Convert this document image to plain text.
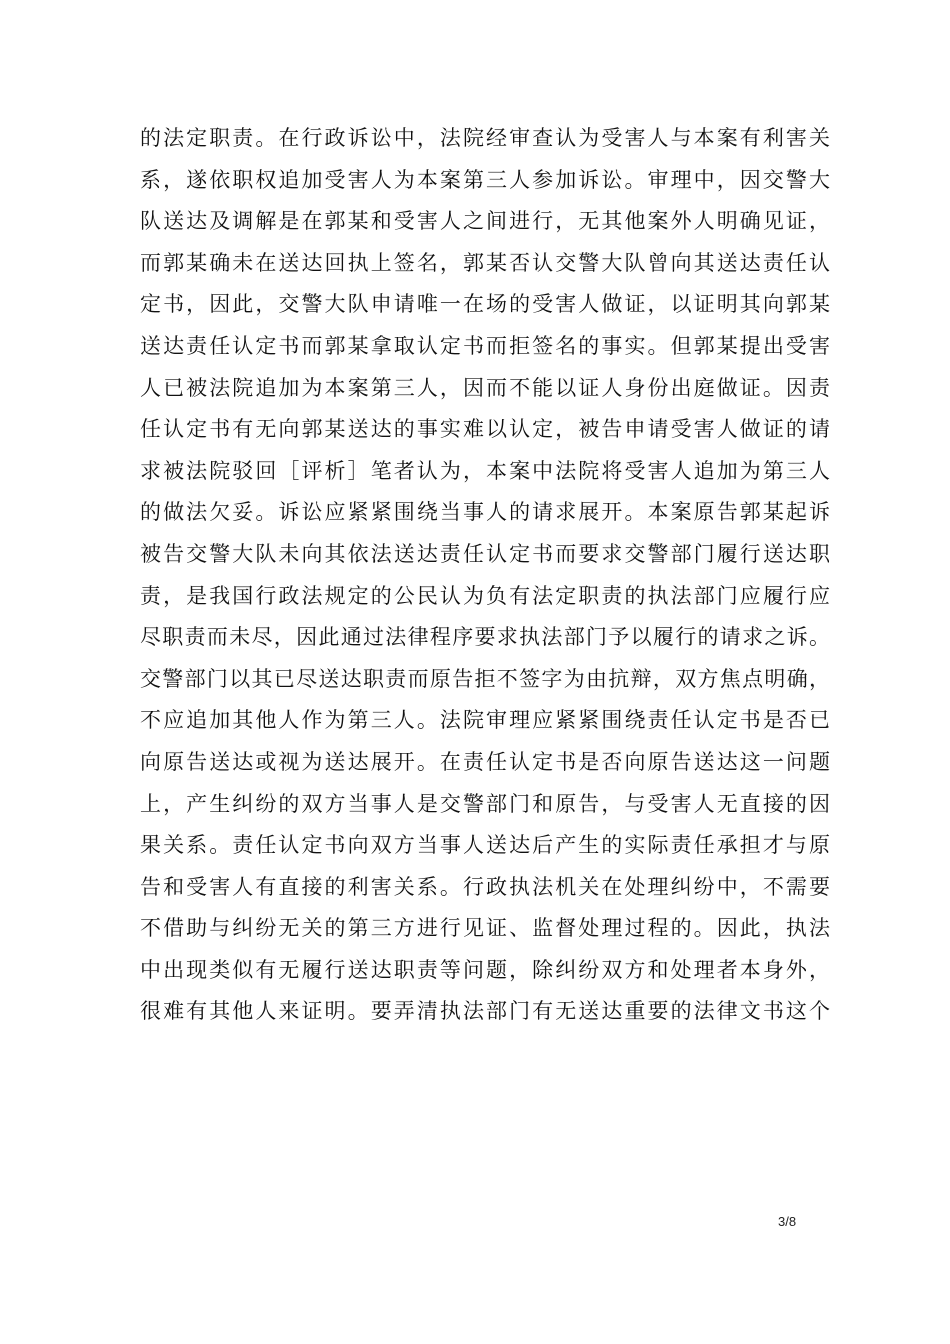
的法定职责。在行政诉讼中，法院经审查认为受害人与本案有利害关
系，遂依职权追加受害人为本案第三人参加诉讼。审理中，因交警大
队送达及调解是在郭某和受害人之间进行，无其他案外人明确见证，
而郭某确未在送达回执上签名，郭某否认交警大队曾向其送达责任认
定书，因此，交警大队申请唯一在场的受害人做证，以证明其向郭某
送达责任认定书而郭某拿取认定书而拒签名的事实。但郭某提出受害
人已被法院追加为本案第三人，因而不能以证人身份出庭做证。因责
任认定书有无向郭某送达的事实难以认定，被告申请受害人做证的请
求被法院驳回［评析］笔者认为，本案中法院将受害人追加为第三人
的做法欠妥。诉讼应紧紧围绕当事人的请求展开。本案原告郭某起诉
被告交警大队未向其依法送达责任认定书而要求交警部门履行送达职
责，是我国行政法规定的公民认为负有法定职责的执法部门应履行应
尽职责而未尽，因此通过法律程序要求执法部门予以履行的请求之诉。
交警部门以其已尽送达职责而原告拒不签字为由抗辩，双方焦点明确，
不应追加其他人作为第三人。法院审理应紧紧围绕责任认定书是否已
向原告送达或视为送达展开。在责任认定书是否向原告送达这一问题
上，产生纠纷的双方当事人是交警部门和原告，与受害人无直接的因
果关系。责任认定书向双方当事人送达后产生的实际责任承担才与原
告和受害人有直接的利害关系。行政执法机关在处理纠纷中，不需要
不借助与纠纷无关的第三方进行见证、监督处理过程的。因此，执法
中出现类似有无履行送达职责等问题，除纠纷双方和处理者本身外，
很难有其他人来证明。要弄清执法部门有无送达重要的法律文书这个
3/8
